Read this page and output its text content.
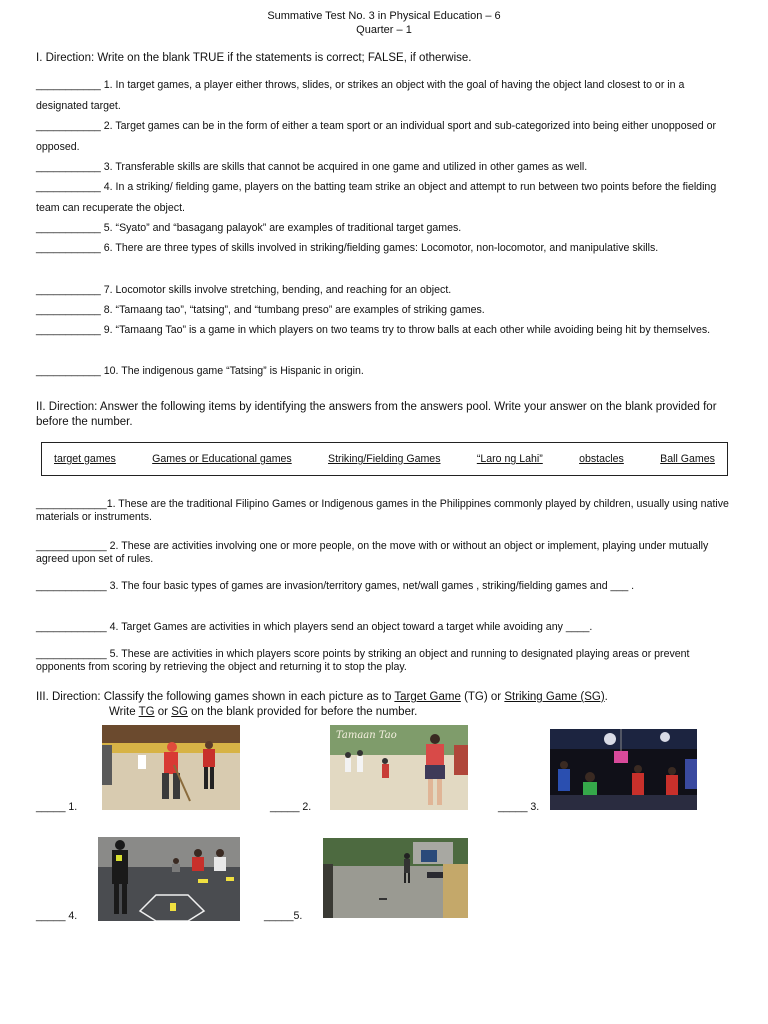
Summative Test No. 3 in Physical Education – 6
Quarter – 1
I. Direction: Write on the blank TRUE if the statements is correct; FALSE, if otherwise.
___________ 1. In target games, a player either throws, slides, or strikes an object with the goal of having the object land closest to or in a designated target.
___________ 2. Target games can be in the form of either a team sport or an individual sport and sub-categorized into being either unopposed or opposed.
___________ 3. Transferable skills are skills that cannot be acquired in one game and utilized in other games as well.
___________ 4. In a striking/ fielding game, players on the batting team strike an object and attempt to run between two points before the fielding team can recuperate the object.
___________ 5. “Syato” and “basagang palayok” are examples of traditional target games.
___________ 6. There are three types of skills involved in striking/fielding games: Locomotor, non-locomotor, and manipulative skills.
___________ 7. Locomotor skills involve stretching, bending, and reaching for an object.
___________ 8. “Tamaang tao”, “tatsing”, and “tumbang preso” are examples of striking games.
___________ 9. “Tamaang Tao” is a game in which players on two teams try to throw balls at each other while avoiding being hit by themselves.
___________ 10. The indigenous game “Tatsing” is Hispanic in origin.
II. Direction: Answer the following items by identifying the answers from the answers pool. Write your answer on the blank provided for before the number.
target games	Games or Educational games	Striking/Fielding Games	“Laro ng Lahi”	obstacles	Ball Games
____________1. These are the traditional Filipino Games or Indigenous games in the Philippines commonly played by children, usually using native materials or instruments.
____________ 2. These are activities involving one or more people, on the move with or without an object or implement, playing under mutually agreed upon set of rules.
____________ 3. The four basic types of games are invasion/territory games, net/wall games , striking/fielding games and ___ .
____________ 4. Target Games are activities in which players send an object toward a target while avoiding any ____.
____________ 5. These are activities in which players score points by striking an object and running to designated playing areas or prevent opponents from scoring by retrieving the object and returning it to stop the play.
III. Direction: Classify the following games shown in each picture as to Target Game (TG) or Striking Game (SG).
Write TG or SG on the blank provided for before the number.
Tamaan Tao
_____ 1.	_____ 2.	_____ 3.
_____ 4.	_____5.
